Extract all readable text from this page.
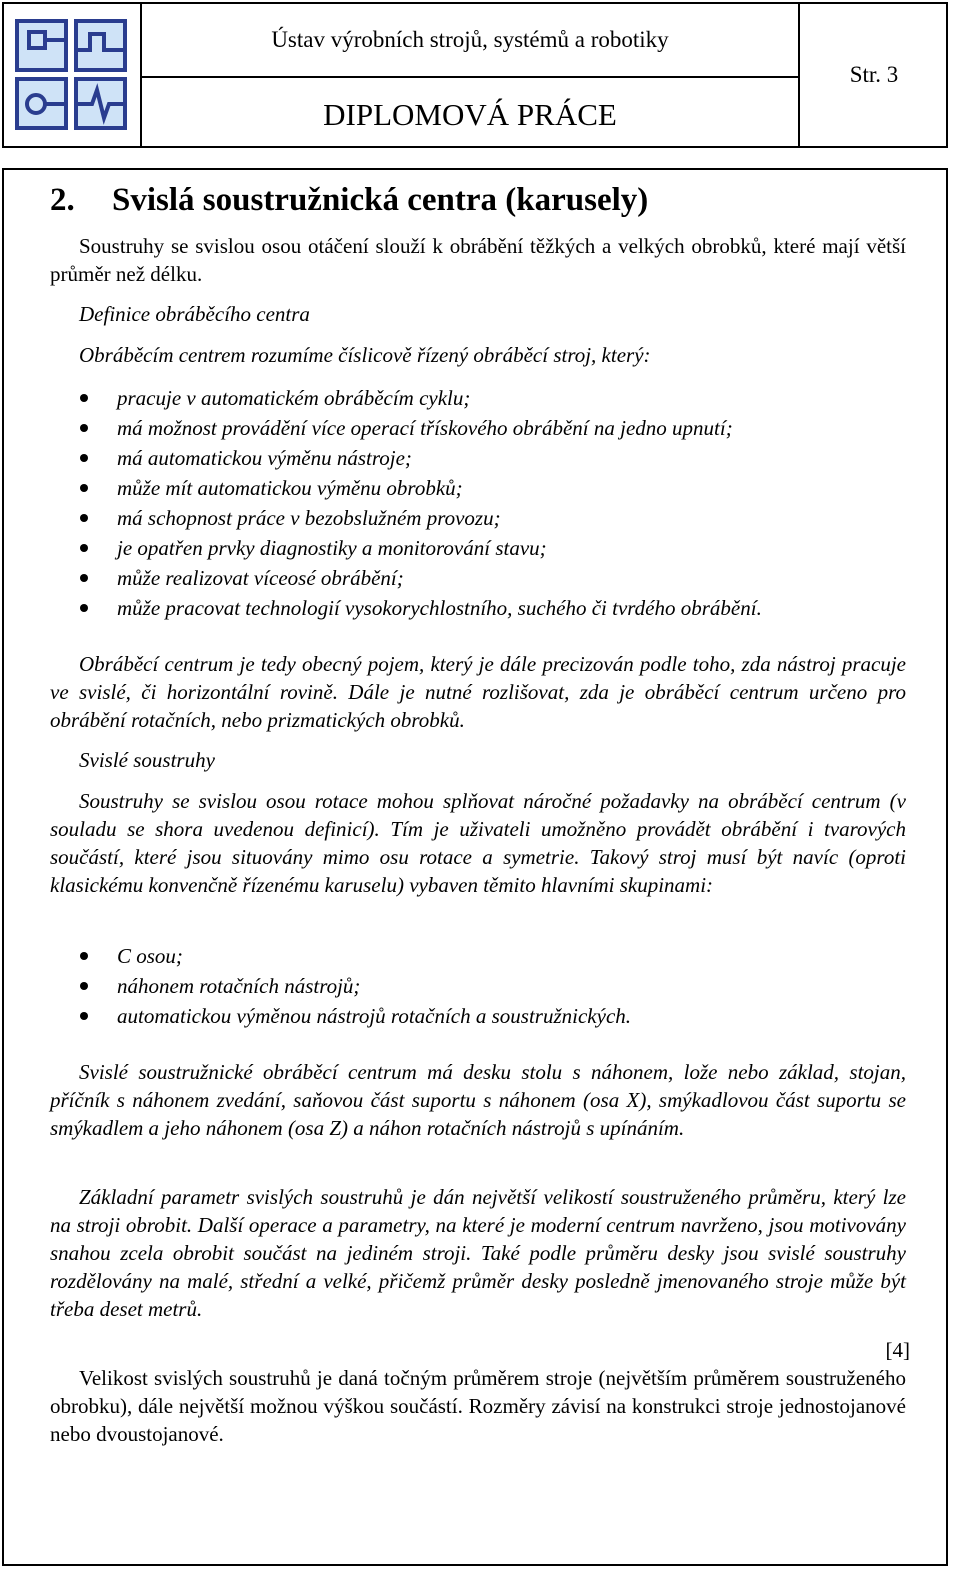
Ústav výrobních strojů, systémů a robotiky
DIPLOMOVÁ PRÁCE
Str. 3
2. Svislá soustružnická centra (karusely)
Soustruhy se svislou osou otáčení slouží k obrábění těžkých a velkých obrobků, které mají větší průměr než délku.
Definice obráběcího centra
Obráběcím centrem rozumíme číslicově řízený obráběcí stroj, který:
pracuje v automatickém obráběcím cyklu;
má možnost provádění více operací třískového obrábění na jedno upnutí;
má automatickou výměnu nástroje;
může mít automatickou výměnu obrobků;
má schopnost práce v bezobslužném provozu;
je opatřen prvky diagnostiky a monitorování stavu;
může realizovat víceosé obrábění;
může pracovat technologií vysokorychlostního, suchého či tvrdého obrábění.
Obráběcí centrum je tedy obecný pojem, který je dále precizován podle toho, zda nástroj pracuje ve svislé, či horizontální rovině. Dále je nutné rozlišovat, zda je obráběcí centrum určeno pro obrábění rotačních, nebo prizmatických obrobků.
Svislé soustruhy
Soustruhy se svislou osou rotace mohou splňovat náročné požadavky na obráběcí centrum (v souladu se shora uvedenou definicí). Tím je uživateli umožněno provádět obrábění i tvarových součástí, které jsou situovány mimo osu rotace a symetrie. Takový stroj musí být navíc (oproti klasickému konvenčně řízenému karuselu) vybaven těmito hlavními skupinami:
C osou;
náhonem rotačních nástrojů;
automatickou výměnou nástrojů rotačních a soustružnických.
Svislé soustružnické obráběcí centrum má desku stolu s náhonem, lože nebo základ, stojan, příčník s náhonem zvedání, saňovou část suportu s náhonem (osa X), smýkadlovou část suportu se smýkadlem a jeho náhonem (osa Z) a náhon rotačních nástrojů s upínáním.
Základní parametr svislých soustruhů je dán největší velikostí soustruženého průměru, který lze na stroji obrobit. Další operace a parametry, na které je moderní centrum navrženo, jsou motivovány snahou zcela obrobit součást na jediném stroji. Také podle průměru desky jsou svislé soustruhy rozdělovány na malé, střední a velké, přičemž průměr desky posledně jmenovaného stroje může být třeba deset metrů.
[4]
Velikost svislých soustruhů je daná točným průměrem stroje (největším průměrem soustruženého obrobku), dále největší možnou výškou součástí. Rozměry závisí na konstrukci stroje jednostojanové nebo dvoustojanové.
